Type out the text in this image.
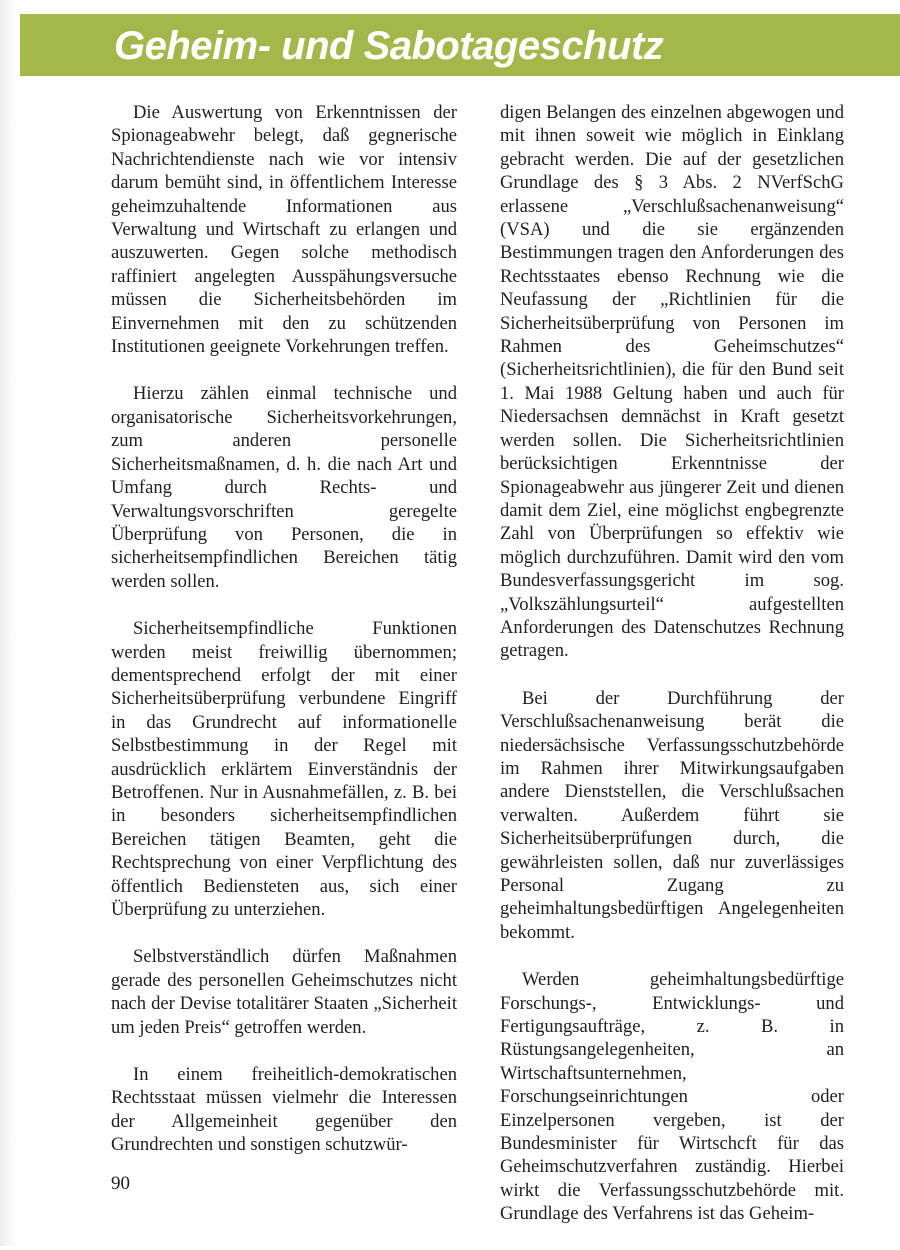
Geheim- und Sabotageschutz

Die Auswertung von Erkenntnissen der Spionageabwehr belegt, daß gegnerische Nachrichtendienste nach wie vor intensiv darum bemüht sind, in öffentlichem Interesse geheimzuhaltende Informationen aus Verwaltung und Wirtschaft zu erlangen und auszuwerten. Gegen solche methodisch raffiniert angelegten Ausspähungsversuche müssen die Sicherheitsbehörden im Einvernehmen mit den zu schützenden Institutionen geeignete Vorkehrungen treffen.

Hierzu zählen einmal technische und organisatorische Sicherheitsvorkehrungen, zum anderen personelle Sicherheitsmaßnamen, d. h. die nach Art und Umfang durch Rechts- und Verwaltungsvorschriften geregelte Überprüfung von Personen, die in sicherheitsempfindlichen Bereichen tätig werden sollen.

Sicherheitsempfindliche Funktionen werden meist freiwillig übernommen; dementsprechend erfolgt der mit einer Sicherheitsüberprüfung verbundene Eingriff in das Grundrecht auf informationelle Selbstbestimmung in der Regel mit ausdrücklich erklärtem Einverständnis der Betroffenen. Nur in Ausnahmefällen, z. B. bei in besonders sicherheitsempfindlichen Bereichen tätigen Beamten, geht die Rechtsprechung von einer Verpflichtung des öffentlich Bediensteten aus, sich einer Überprüfung zu unterziehen.

Selbstverständlich dürfen Maßnahmen gerade des personellen Geheimschutzes nicht nach der Devise totalitärer Staaten „Sicherheit um jeden Preis“ getroffen werden.

In einem freiheitlich-demokratischen Rechtsstaat müssen vielmehr die Interessen der Allgemeinheit gegenüber den Grundrechten und sonstigen schutzwür-

digen Belangen des einzelnen abgewogen und mit ihnen soweit wie möglich in Einklang gebracht werden. Die auf der gesetzlichen Grundlage des § 3 Abs. 2 NVerfSchG erlassene „Verschlußsachenanweisung“ (VSA) und die sie ergänzenden Bestimmungen tragen den Anforderungen des Rechtsstaates ebenso Rechnung wie die Neufassung der „Richtlinien für die Sicherheitsüberprüfung von Personen im Rahmen des Geheimschutzes“ (Sicherheitsrichtlinien), die für den Bund seit 1. Mai 1988 Geltung haben und auch für Niedersachsen demnächst in Kraft gesetzt werden sollen. Die Sicherheitsrichtlinien berücksichtigen Erkenntnisse der Spionageabwehr aus jüngerer Zeit und dienen damit dem Ziel, eine möglichst engbegrenzte Zahl von Überprüfungen so effektiv wie möglich durchzuführen. Damit wird den vom Bundesverfassungsgericht im sog. „Volkszählungsurteil“ aufgestellten Anforderungen des Datenschutzes Rechnung getragen.

Bei der Durchführung der Verschlußsachenanweisung berät die niedersächsische Verfassungsschutzbehörde im Rahmen ihrer Mitwirkungsaufgaben andere Dienststellen, die Verschlußsachen verwalten. Außerdem führt sie Sicherheitsüberprüfungen durch, die gewährleisten sollen, daß nur zuverlässiges Personal Zugang zu geheimhaltungsbedürftigen Angelegenheiten bekommt.

Werden geheimhaltungsbedürftige Forschungs-, Entwicklungs- und Fertigungsaufträge, z. B. in Rüstungsangelegenheiten, an Wirtschaftsunternehmen, Forschungseinrichtungen oder Einzelpersonen vergeben, ist der Bundesminister für Wirtschcft für das Geheimschutzverfahren zuständig. Hierbei wirkt die Verfassungsschutzbehörde mit. Grundlage des Verfahrens ist das Geheim-

90
